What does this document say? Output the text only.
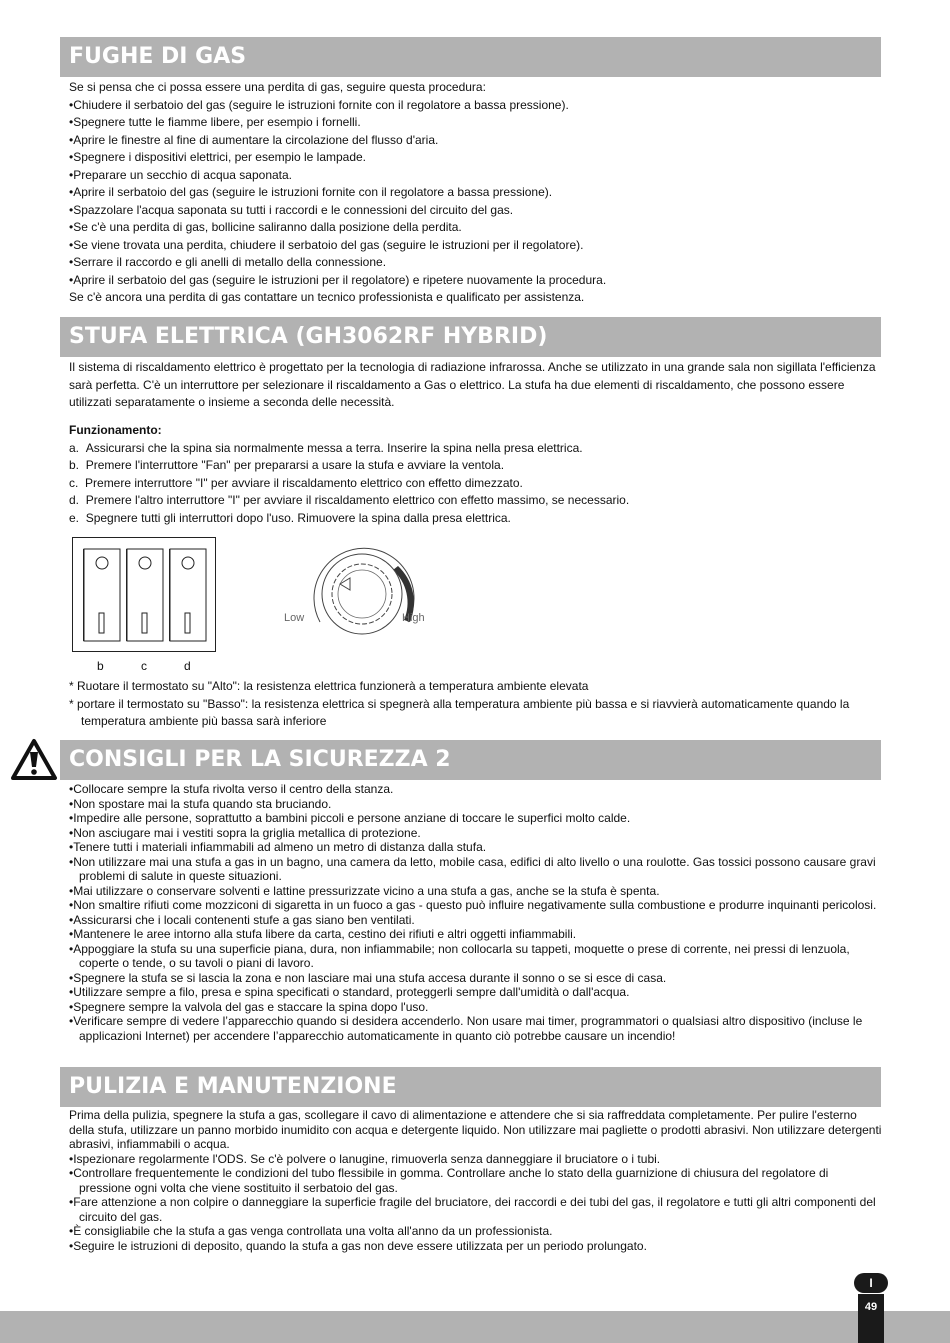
FUGHE DI GAS

Se si pensa che ci possa essere una perdita di gas, seguire questa procedura:

• Chiudere il serbatoio del gas (seguire le istruzioni fornite con il regolatore a bassa pressione).
• Spegnere tutte le fiamme libere, per esempio i fornelli.
• Aprire le finestre al fine di aumentare la circolazione del flusso d'aria.
• Spegnere i dispositivi elettrici, per esempio le lampade.
• Preparare un secchio di acqua saponata.
• Aprire il serbatoio del gas (seguire le istruzioni fornite con il regolatore a bassa pressione).
• Spazzolare l'acqua saponata su tutti i raccordi e le connessioni del circuito del gas.
• Se c'è una perdita di gas, bollicine saliranno dalla posizione della perdita.
• Se viene trovata una perdita, chiudere il serbatoio del gas (seguire le istruzioni per il regolatore).
• Serrare il raccordo e gli anelli di metallo della connessione.
• Aprire il serbatoio del gas (seguire le istruzioni per il regolatore) e ripetere nuovamente la procedura.

Se c'è ancora una perdita di gas contattare un tecnico professionista e qualificato per assistenza.

STUFA ELETTRICA (GH3062RF HYBRID)

Il sistema di riscaldamento elettrico è progettato per la tecnologia di radiazione infrarossa. Anche se utilizzato in una grande sala non sigillata l'efficienza sarà perfetta. C'è un interruttore per selezionare il riscaldamento a Gas o elettrico. La stufa ha due elementi di riscaldamento, che possono essere utilizzati separatamente o insieme a seconda delle necessità.

Funzionamento:

a. Assicurarsi che la spina sia normalmente messa a terra. Inserire la spina nella presa elettrica.
b. Premere l'interruttore "Fan" per prepararsi a usare la stufa e avviare la ventola.
c. Premere interruttore "I" per avviare il riscaldamento elettrico con effetto dimezzato.
d. Premere l'altro interruttore "I" per avviare il riscaldamento elettrico con effetto massimo, se necessario.
e. Spegnere tutti gli interruttori dopo l'uso. Rimuovere la spina dalla presa elettrica.
b	c	d
Low	High

* Ruotare il termostato su "Alto": la resistenza elettrica funzionerà a temperatura ambiente elevata

* portare il termostato su "Basso": la resistenza elettrica si spegnerà alla temperatura ambiente più bassa e si riavvierà automaticamente quando la temperatura ambiente più bassa sarà inferiore

CONSIGLI PER LA SICUREZZA 2
• Collocare sempre la stufa rivolta verso il centro della stanza.
• Non spostare mai la stufa quando sta bruciando.
• Impedire alle persone, soprattutto a bambini piccoli e persone anziane di toccare le superfici molto calde.
• Non asciugare mai i vestiti sopra la griglia metallica di protezione.
• Tenere tutti i materiali infiammabili ad almeno un metro di distanza dalla stufa.
• Non utilizzare mai una stufa a gas in un bagno, una camera da letto, mobile casa, edifici di alto livello o una roulotte. Gas tossici possono causare gravi problemi di salute in queste situazioni.
• Mai utilizzare o conservare solventi e lattine pressurizzate vicino a una stufa a gas, anche se la stufa è spenta.
• Non smaltire rifiuti come mozziconi di sigaretta in un fuoco a gas - questo può influire negativamente sulla combustione e produrre inquinanti pericolosi.
• Assicurarsi che i locali contenenti stufe a gas siano ben ventilati.
• Mantenere le aree intorno alla stufa libere da carta, cestino dei rifiuti e altri oggetti infiammabili.
• Appoggiare la stufa su una superficie piana, dura, non infiammabile; non collocarla su tappeti, moquette o prese di corrente, nei pressi di lenzuola, coperte o tende, o su tavoli o piani di lavoro.
• Spegnere la stufa se si lascia la zona e non lasciare mai una stufa accesa durante il sonno o se si esce di casa.
• Utilizzare sempre a filo, presa e spina specificati o standard, proteggerli sempre dall'umidità o dall'acqua.
• Spegnere sempre la valvola del gas e staccare la spina dopo l'uso.
• Verificare sempre di vedere l’apparecchio quando si desidera accenderlo. Non usare mai timer, programmatori o qualsiasi altro dispositivo (incluse le applicazioni Internet) per accendere l’apparecchio automaticamente in quanto ciò potrebbe causare un incendio!
PULIZIA E MANUTENZIONE

Prima della pulizia, spegnere la stufa a gas, scollegare il cavo di alimentazione e attendere che si sia raffreddata completamente. Per pulire l'esterno della stufa, utilizzare un panno morbido inumidito con acqua e detergente liquido. Non utilizzare mai pagliette o prodotti abrasivi. Non utilizzare detergenti abrasivi, infiammabili o acqua.

• Ispezionare regolarmente l'ODS. Se c'è polvere o lanugine, rimuoverla senza danneggiare il bruciatore o i tubi.
• Controllare frequentemente le condizioni del tubo flessibile in gomma. Controllare anche lo stato della guarnizione di chiusura del regolatore di pressione ogni volta che viene sostituito il serbatoio del gas.
• Fare attenzione a non colpire o danneggiare la superficie fragile del bruciatore, dei raccordi e dei tubi del gas, il regolatore e tutti gli altri componenti del circuito del gas.
• È consigliabile che la stufa a gas venga controllata una volta all'anno da un professionista.
• Seguire le istruzioni di deposito, quando la stufa a gas non deve essere utilizzata per un periodo prolungato.
49
I
